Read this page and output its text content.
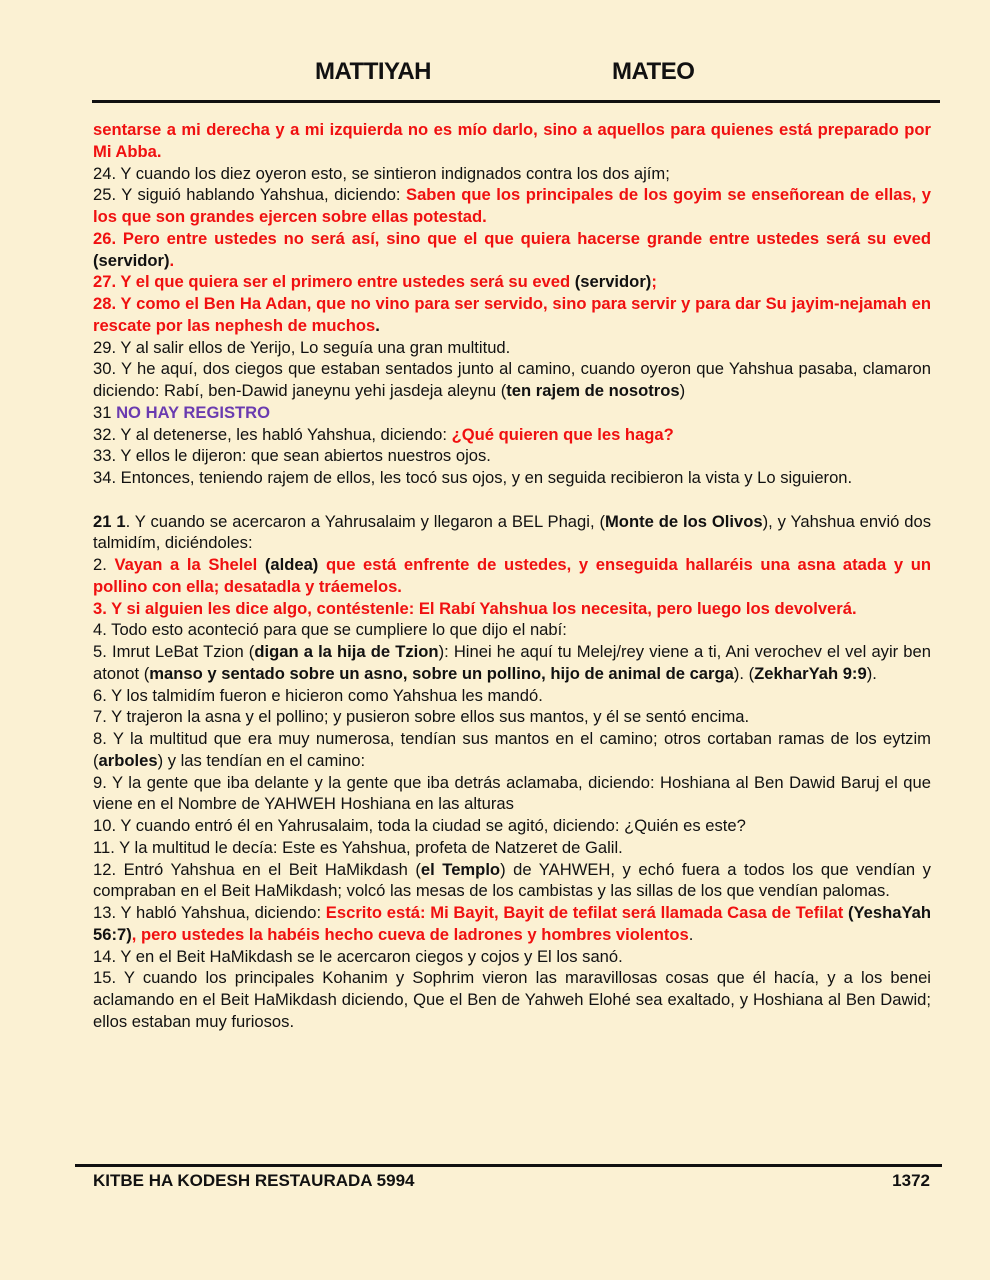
MATTIYAH	MATEO

sentarse a mi derecha y a mi izquierda no es mío darlo, sino a aquellos para quienes está preparado por Mi Abba.

24. Y cuando los diez oyeron esto, se sintieron indignados contra los dos ajím;

25. Y siguió hablando Yahshua, diciendo: Saben que los principales de los goyim se enseñorean de ellas, y los que son grandes ejercen sobre ellas potestad.

26. Pero entre ustedes no será así, sino que el que quiera hacerse grande entre ustedes será su eved (servidor).

27. Y el que quiera ser el primero entre ustedes será su eved (servidor);

28. Y como el Ben Ha Adan, que no vino para ser servido, sino para servir y para dar Su jayim-nejamah en rescate por las nephesh de muchos.

29. Y al salir ellos de Yerijo, Lo seguía una gran multitud.

30. Y he aquí, dos ciegos que estaban sentados junto al camino, cuando oyeron que Yahshua pasaba, clamaron diciendo: Rabí, ben-Dawid janeynu yehi jasdeja aleynu (ten rajem de nosotros)

31 NO HAY REGISTRO

32. Y al detenerse, les habló Yahshua, diciendo: ¿Qué quieren que les haga?

33. Y ellos le dijeron: que sean abiertos nuestros ojos.

34. Entonces, teniendo rajem de ellos, les tocó sus ojos, y en seguida recibieron la vista y Lo siguieron.

21 1. Y cuando se acercaron a Yahrusalaim y llegaron a BEL Phagi, (Monte de los Olivos), y Yahshua envió dos talmidím, diciéndoles:

2. Vayan a la Shelel (aldea) que está enfrente de ustedes, y enseguida hallaréis una asna atada y un pollino con ella; desatadla y tráemelos.

3. Y si alguien les dice algo, contéstenle: El Rabí Yahshua los necesita, pero luego los devolverá.

4. Todo esto aconteció para que se cumpliere lo que dijo el nabí:

5. Imrut LeBat Tzion (digan a la hija de Tzion): Hinei he aquí tu Melej/rey viene a ti, Ani verochev el vel ayir ben atonot (manso y sentado sobre un asno, sobre un pollino, hijo de animal de carga). (ZekharYah 9:9).

6. Y los talmidím fueron e hicieron como Yahshua les mandó.

7. Y trajeron la asna y el pollino; y pusieron sobre ellos sus mantos, y él se sentó encima.

8. Y la multitud que era muy numerosa, tendían sus mantos en el camino; otros cortaban ramas de los eytzim (arboles) y las tendían en el camino:

9. Y la gente que iba delante y la gente que iba detrás aclamaba, diciendo: Hoshiana al Ben Dawid Baruj el que viene en el Nombre de YAHWEH Hoshiana en las alturas

10. Y cuando entró él en Yahrusalaim, toda la ciudad se agitó, diciendo: ¿Quién es este?

11. Y la multitud le decía: Este es Yahshua, profeta de Natzeret de Galil.

12. Entró Yahshua en el Beit HaMikdash (el Templo) de YAHWEH, y echó fuera a todos los que vendían y compraban en el Beit HaMikdash; volcó las mesas de los cambistas y las sillas de los que vendían palomas.

13. Y habló Yahshua, diciendo: Escrito está: Mi Bayit, Bayit de tefilat será llamada Casa de Tefilat (YeshaYah 56:7), pero ustedes la habéis hecho cueva de ladrones y hombres violentos.

14. Y en el Beit HaMikdash se le acercaron ciegos y cojos y El los sanó.

15. Y cuando los principales Kohanim y Sophrim vieron las maravillosas cosas que él hacía, y a los benei aclamando en el Beit HaMikdash diciendo, Que el Ben de Yahweh Elohé sea exaltado, y Hoshiana al Ben Dawid; ellos estaban muy furiosos.

KITBE HA KODESH RESTAURADA 5994	1372
